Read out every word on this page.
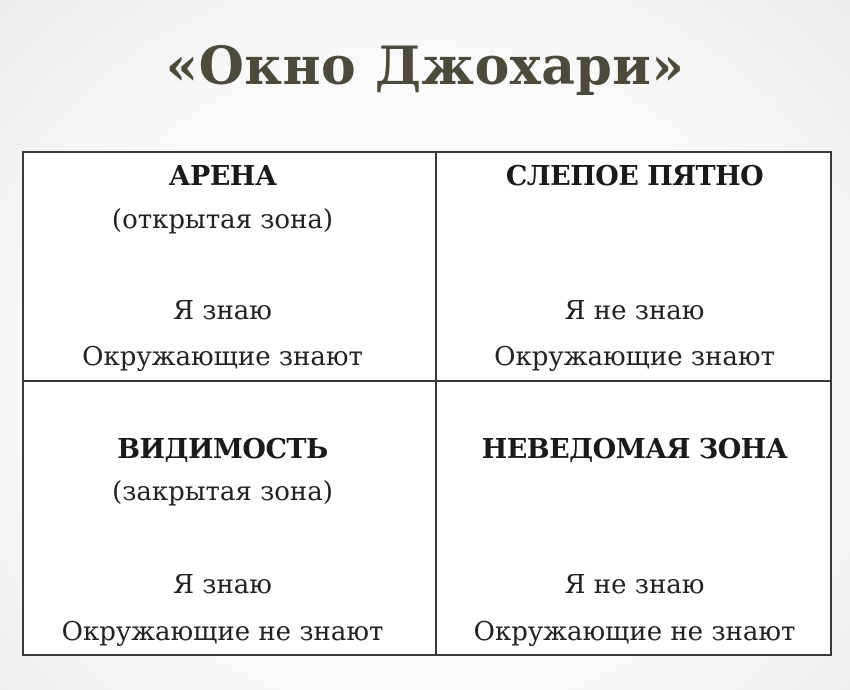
«Окно Джохари»
АРЕНА
(открытая зона)
Я знаю
Окружающие знают
СЛЕПОЕ ПЯТНО
Я не знаю
Окружающие знают
ВИДИМОСТЬ
(закрытая зона)
Я знаю
Окружающие не знают
НЕВЕДОМАЯ ЗОНА
Я не знаю
Окружающие не знают
